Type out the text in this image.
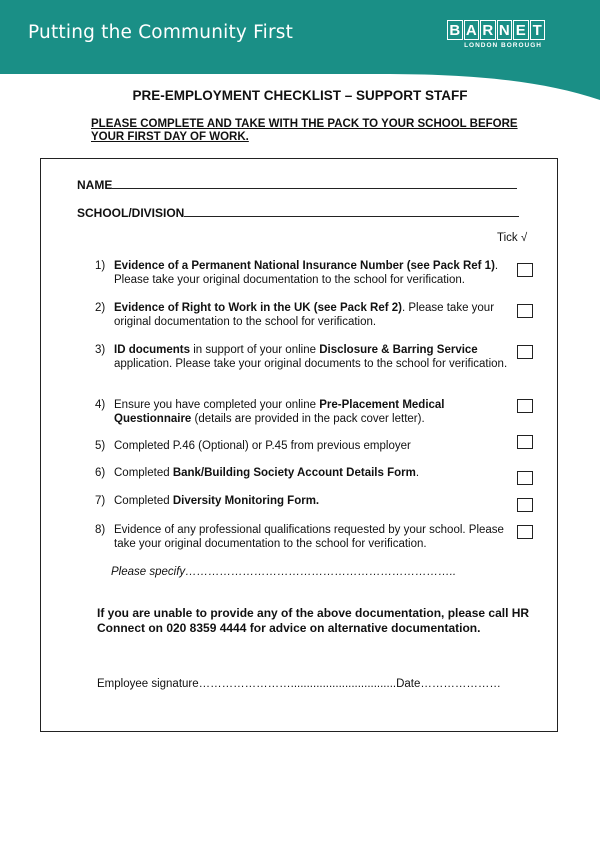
Putting the Community First	B A R N E T
LONDON BOROUGH
PRE-EMPLOYMENT CHECKLIST – SUPPORT STAFF
PLEASE COMPLETE AND TAKE WITH THE PACK TO YOUR SCHOOL BEFORE YOUR FIRST DAY OF WORK.
NAME
SCHOOL/DIVISION
Tick √
1) Evidence of a Permanent National Insurance Number (see Pack Ref 1). Please take your original documentation to the school for verification.
2) Evidence of Right to Work in the UK (see Pack Ref 2). Please take your original documentation to the school for verification.
3) ID documents in support of your online Disclosure & Barring Service application. Please take your original documents to the school for verification.
4) Ensure you have completed your online Pre-Placement Medical Questionnaire (details are provided in the pack cover letter).
5) Completed P.46 (Optional) or P.45 from previous employer
6) Completed Bank/Building Society Account Details Form.
7) Completed Diversity Monitoring Form.
8) Evidence of any professional qualifications requested by your school. Please take your original documentation to the school for verification.
Please specify……………………………………………………………..
If you are unable to provide any of the above documentation, please call HR Connect on 020 8359 4444 for advice on alternative documentation.
Employee signature…………………….................................Date…………………
